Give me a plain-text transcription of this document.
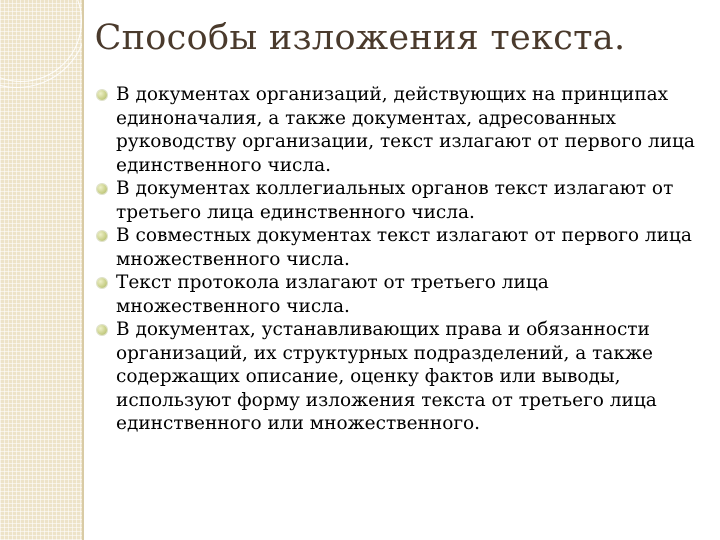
Способы изложения текста.
В документах организаций, действующих на принципах единоначалия, а также документах, адресованных руководству организации, текст излагают от первого лица единственного числа.
В документах коллегиальных органов текст излагают от третьего лица единственного числа.
В совместных документах текст излагают от первого лица множественного числа.
Текст протокола излагают от третьего лица множественного числа.
В документах, устанавливающих права и обязанности организаций, их структурных подразделений, а также содержащих описание, оценку фактов или выводы, используют форму изложения текста от третьего лица единственного или множественного.
